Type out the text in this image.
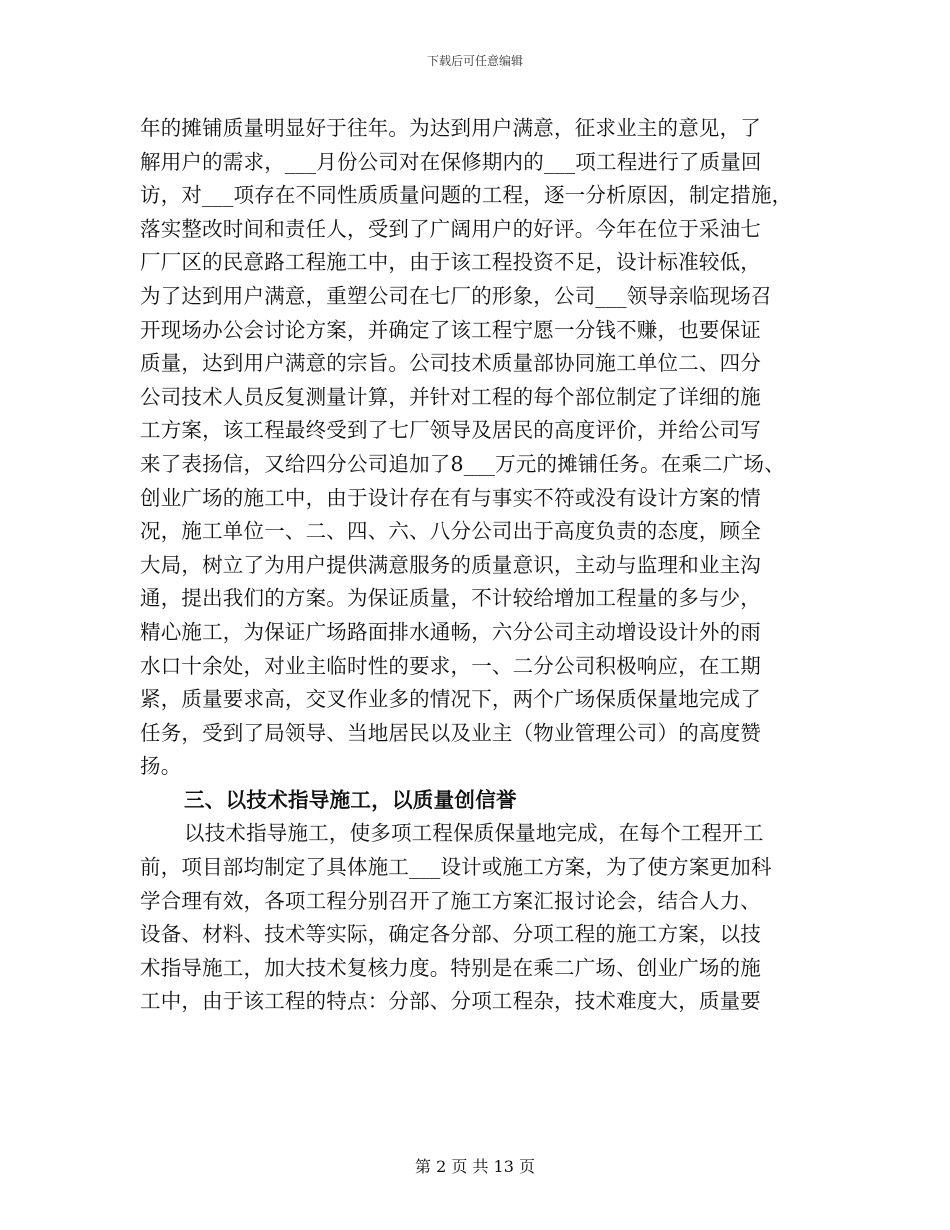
下载后可任意编辑
年的摊铺质量明显好于往年。为达到用户满意，征求业主的意见，了
解用户的需求，___月份公司对在保修期内的___项工程进行了质量回
访，对___项存在不同性质质量问题的工程，逐一分析原因，制定措施，
落实整改时间和责任人，受到了广阔用户的好评。今年在位于采油七
厂厂区的民意路工程施工中，由于该工程投资不足，设计标准较低，
为了达到用户满意，重塑公司在七厂的形象，公司___领导亲临现场召
开现场办公会讨论方案，并确定了该工程宁愿一分钱不赚，也要保证
质量，达到用户满意的宗旨。公司技术质量部协同施工单位二、四分
公司技术人员反复测量计算，并针对工程的每个部位制定了详细的施
工方案，该工程最终受到了七厂领导及居民的高度评价，并给公司写
来了表扬信，又给四分公司追加了8___万元的摊铺任务。在乘二广场、
创业广场的施工中，由于设计存在有与事实不符或没有设计方案的情
况，施工单位一、二、四、六、八分公司出于高度负责的态度，顾全
大局，树立了为用户提供满意服务的质量意识，主动与监理和业主沟
通，提出我们的方案。为保证质量，不计较给增加工程量的多与少，
精心施工，为保证广场路面排水通畅，六分公司主动增设设计外的雨
水口十余处，对业主临时性的要求，一、二分公司积极响应，在工期
紧，质量要求高，交叉作业多的情况下，两个广场保质保量地完成了
任务，受到了局领导、当地居民以及业主（物业管理公司）的高度赞
扬。
三、以技术指导施工，以质量创信誉
以技术指导施工，使多项工程保质保量地完成，在每个工程开工
前，项目部均制定了具体施工___设计或施工方案，为了使方案更加科
学合理有效，各项工程分别召开了施工方案汇报讨论会，结合人力、
设备、材料、技术等实际，确定各分部、分项工程的施工方案，以技
术指导施工，加大技术复核力度。特别是在乘二广场、创业广场的施
工中，由于该工程的特点：分部、分项工程杂，技术难度大，质量要
第 2 页 共 13 页
